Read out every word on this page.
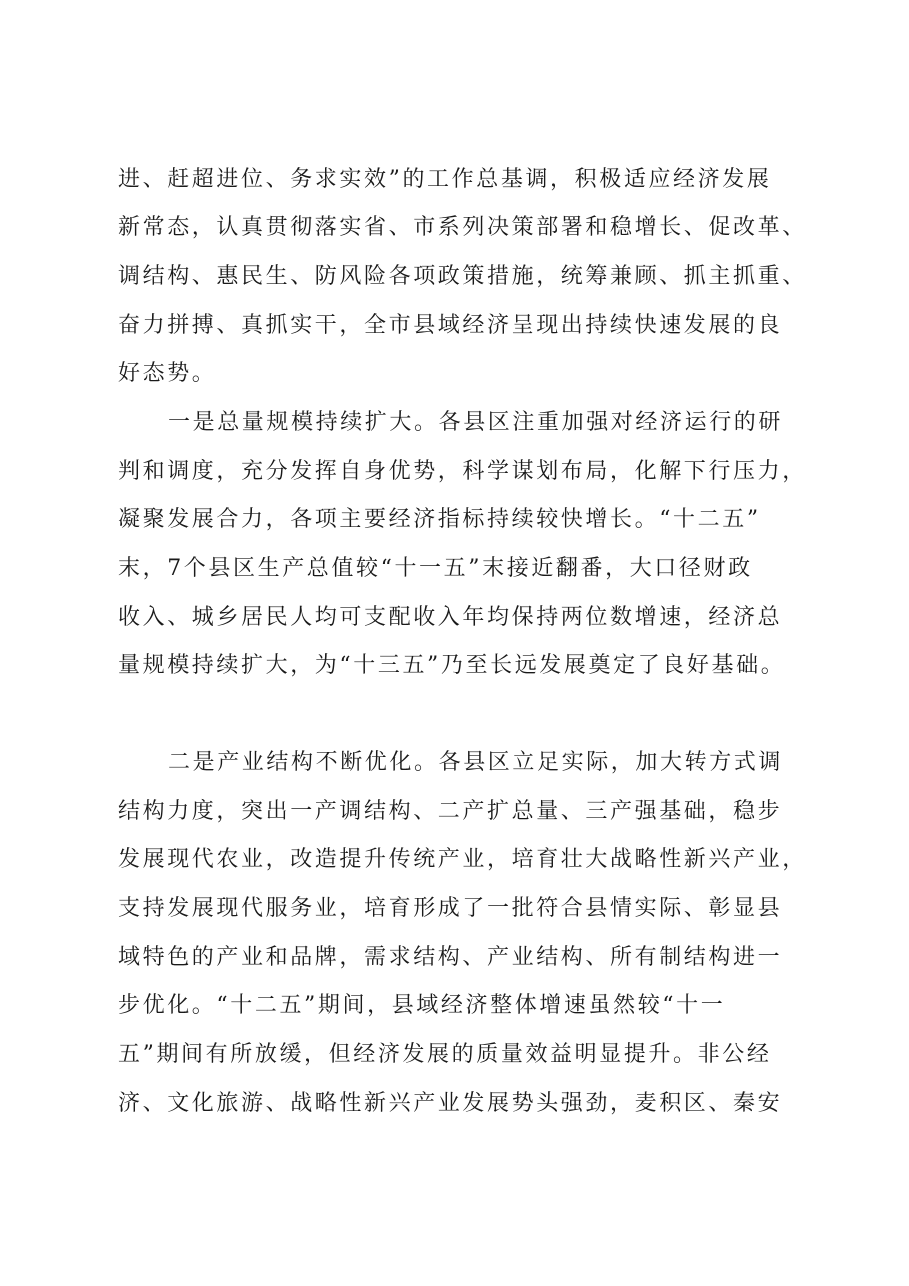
进、赶超进位、务求实效”的工作总基调，积极适应经济发展
新常态，认真贯彻落实省、市系列决策部署和稳增长、促改革、
调结构、惠民生、防风险各项政策措施，统筹兼顾、抓主抓重、
奋力拼搏、真抓实干，全市县域经济呈现出持续快速发展的良
好态势。
一是总量规模持续扩大。各县区注重加强对经济运行的研
判和调度，充分发挥自身优势，科学谋划布局，化解下行压力，
凝聚发展合力，各项主要经济指标持续较快增长。“十二五”
末，7个县区生产总值较“十一五”末接近翻番，大口径财政
收入、城乡居民人均可支配收入年均保持两位数增速，经济总
量规模持续扩大，为“十三五”乃至长远发展奠定了良好基础。
二是产业结构不断优化。各县区立足实际，加大转方式调
结构力度，突出一产调结构、二产扩总量、三产强基础，稳步
发展现代农业，改造提升传统产业，培育壮大战略性新兴产业，
支持发展现代服务业，培育形成了一批符合县情实际、彰显县
域特色的产业和品牌，需求结构、产业结构、所有制结构进一
步优化。“十二五”期间，县域经济整体增速虽然较“十一
五”期间有所放缓，但经济发展的质量效益明显提升。非公经
济、文化旅游、战略性新兴产业发展势头强劲，麦积区、秦安
